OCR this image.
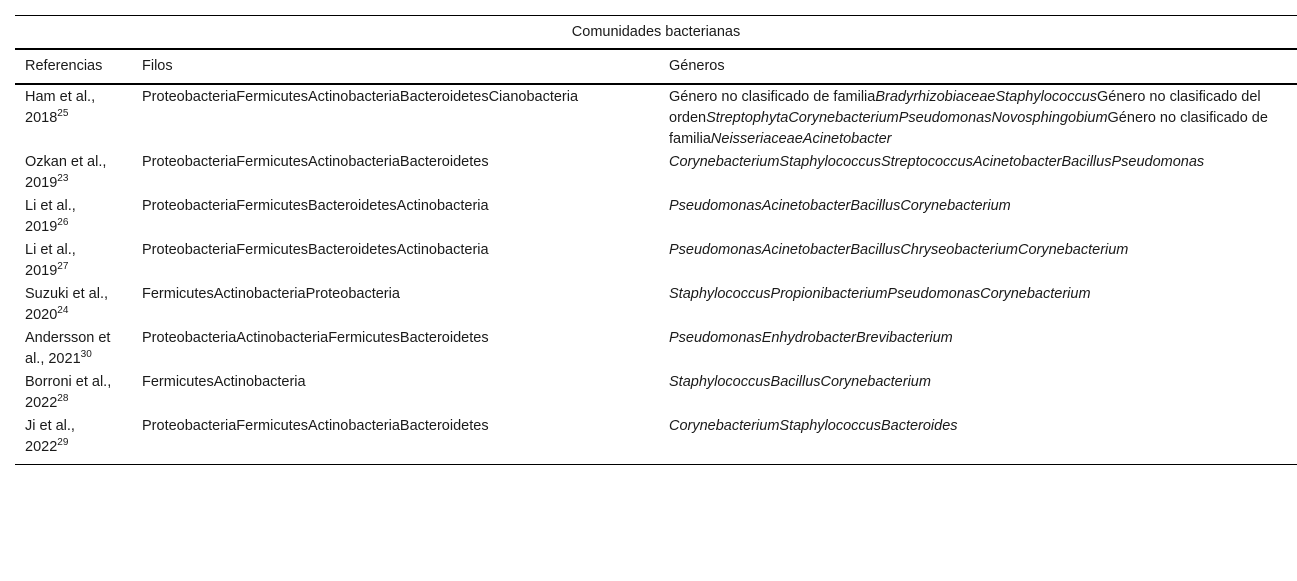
Comunidades bacterianas		
Referencias	Filos	Géneros
Ham et al., 2018$^{25}$	ProteobacteriaFermicutesActinobacteriaBacteroidetesCianobacteria	Género no clasificado de familiaBradyrhizobiaceaeStaphylococcusGénero no clasificado del ordenStreptophytaCorynebacteriumPseudomonasNovosphingobiumGénero no clasificado de familiaNeisseriaceaeAcinetobacter
Ozkan et al., 2019$^{23}$	ProteobacteriaFermicutesActinobacteriaBacteroidetes	CorynebacteriumStaphylococcusStreptococcusAcinetobacterBacillusPseudomonas
Li et al., 2019$^{26}$	ProteobacteriaFermicutesBacteroidetesActinobacteria	PseudomonasAcinetobacterBacillusCorynebacterium
Li et al., 2019$^{27}$	ProteobacteriaFermicutesBacteroidetesActinobacteria	PseudomonasAcinetobacterBacillusChryseobacteriumCorynebacterium
Suzuki et al., 2020$^{24}$	FermicutesActinobacteriaProteobacteria	StaphylococcusPropionibacteriumPseudomonasCorynebacterium
Andersson et al., 2021$^{30}$	ProteobacteriaActinobacteriaFermicutesBacteroidetes	PseudomonasEnhydrobacterBrevibacterium
Borroni et al., 2022$^{28}$	FermicutesActinobacteria	StaphylococcusBacillusCorynebacterium
Ji et al., 2022$^{29}$	ProteobacteriaFermicutesActinobacteriaBacteroidetes	CorynebacteriumStaphylococcusBacteroides
